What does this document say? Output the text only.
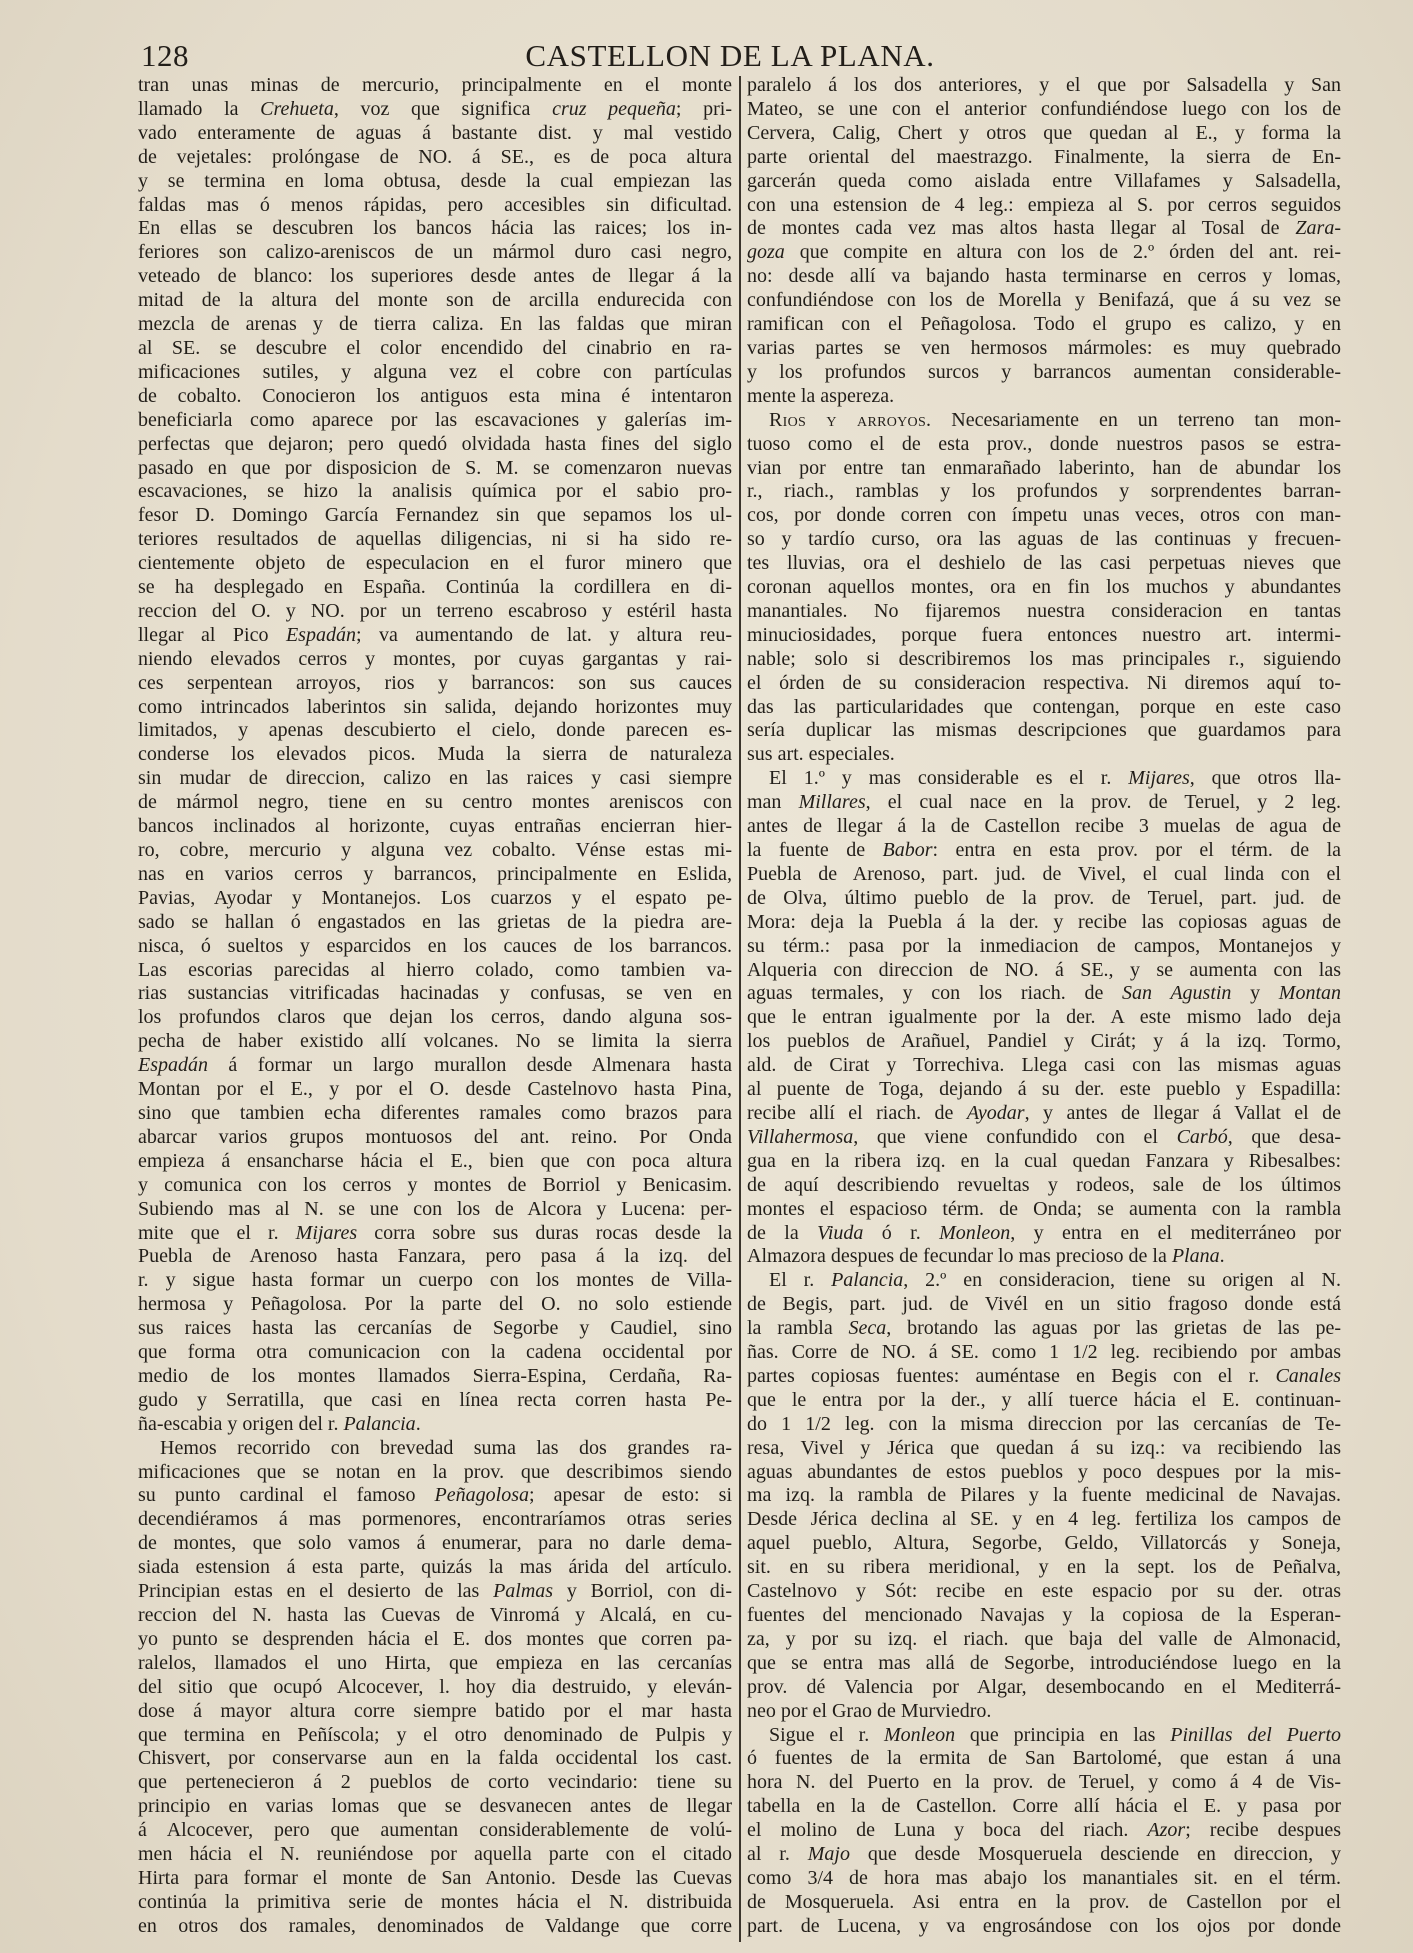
128	CASTELLON DE LA PLANA.
tran unas minas de mercurio, principalmente en el monte
llamado la Crehueta, voz que significa cruz pequeña; pri-
vado enteramente de aguas á bastante dist. y mal vestido
de vejetales: prolóngase de NO. á SE., es de poca altura
y se termina en loma obtusa, desde la cual empiezan las
faldas mas ó menos rápidas, pero accesibles sin dificultad.
En ellas se descubren los bancos hácia las raices; los in-
feriores son calizo-areniscos de un mármol duro casi negro,
veteado de blanco: los superiores desde antes de llegar á la
mitad de la altura del monte son de arcilla endurecida con
mezcla de arenas y de tierra caliza. En las faldas que miran
al SE. se descubre el color encendido del cinabrio en ra-
mificaciones sutiles, y alguna vez el cobre con partículas
de cobalto. Conocieron los antiguos esta mina é intentaron
beneficiarla como aparece por las escavaciones y galerías im-
perfectas que dejaron; pero quedó olvidada hasta fines del siglo
pasado en que por disposicion de S. M. se comenzaron nuevas
escavaciones, se hizo la analisis química por el sabio pro-
fesor D. Domingo García Fernandez sin que sepamos los ul-
teriores resultados de aquellas diligencias, ni si ha sido re-
cientemente objeto de especulacion en el furor minero que
se ha desplegado en España. Continúa la cordillera en di-
reccion del O. y NO. por un terreno escabroso y estéril hasta
llegar al Pico Espadán; va aumentando de lat. y altura reu-
niendo elevados cerros y montes, por cuyas gargantas y rai-
ces serpentean arroyos, rios y barrancos: son sus cauces
como intrincados laberintos sin salida, dejando horizontes muy
limitados, y apenas descubierto el cielo, donde parecen es-
conderse los elevados picos. Muda la sierra de naturaleza
sin mudar de direccion, calizo en las raices y casi siempre
de mármol negro, tiene en su centro montes areniscos con
bancos inclinados al horizonte, cuyas entrañas encierran hier-
ro, cobre, mercurio y alguna vez cobalto. Vénse estas mi-
nas en varios cerros y barrancos, principalmente en Eslida,
Pavias, Ayodar y Montanejos. Los cuarzos y el espato pe-
sado se hallan ó engastados en las grietas de la piedra are-
nisca, ó sueltos y esparcidos en los cauces de los barrancos.
Las escorias parecidas al hierro colado, como tambien va-
rias sustancias vitrificadas hacinadas y confusas, se ven en
los profundos claros que dejan los cerros, dando alguna sos-
pecha de haber existido allí volcanes. No se limita la sierra
Espadán á formar un largo murallon desde Almenara hasta
Montan por el E., y por el O. desde Castelnovo hasta Pina,
sino que tambien echa diferentes ramales como brazos para
abarcar varios grupos montuosos del ant. reino. Por Onda
empieza á ensancharse hácia el E., bien que con poca altura
y comunica con los cerros y montes de Borriol y Benicasim.
Subiendo mas al N. se une con los de Alcora y Lucena: per-
mite que el r. Mijares corra sobre sus duras rocas desde la
Puebla de Arenoso hasta Fanzara, pero pasa á la izq. del
r. y sigue hasta formar un cuerpo con los montes de Villa-
hermosa y Peñagolosa. Por la parte del O. no solo estiende
sus raices hasta las cercanías de Segorbe y Caudiel, sino
que forma otra comunicacion con la cadena occidental por
medio de los montes llamados Sierra-Espina, Cerdaña, Ra-
gudo y Serratilla, que casi en línea recta corren hasta Pe-
ña-escabia y origen del r. Palancia.
Hemos recorrido con brevedad suma las dos grandes ra-
mificaciones que se notan en la prov. que describimos siendo
su punto cardinal el famoso Peñagolosa; apesar de esto: si
decendiéramos á mas pormenores, encontraríamos otras series
de montes, que solo vamos á enumerar, para no darle dema-
siada estension á esta parte, quizás la mas árida del artículo.
Principian estas en el desierto de las Palmas y Borriol, con di-
reccion del N. hasta las Cuevas de Vinromá y Alcalá, en cu-
yo punto se desprenden hácia el E. dos montes que corren pa-
ralelos, llamados el uno Hirta, que empieza en las cercanías
del sitio que ocupó Alcocever, l. hoy dia destruido, y eleván-
dose á mayor altura corre siempre batido por el mar hasta
que termina en Peñíscola; y el otro denominado de Pulpis y
Chisvert, por conservarse aun en la falda occidental los cast.
que pertenecieron á 2 pueblos de corto vecindario: tiene su
principio en varias lomas que se desvanecen antes de llegar
á Alcocever, pero que aumentan considerablemente de volú-
men hácia el N. reuniéndose por aquella parte con el citado
Hirta para formar el monte de San Antonio. Desde las Cuevas
continúa la primitiva serie de montes hácia el N. distribuida
en otros dos ramales, denominados de Valdange que corre
paralelo á los dos anteriores, y el que por Salsadella y San
Mateo, se une con el anterior confundiéndose luego con los de
Cervera, Calig, Chert y otros que quedan al E., y forma la
parte oriental del maestrazgo. Finalmente, la sierra de En-
garcerán queda como aislada entre Villafames y Salsadella,
con una estension de 4 leg.: empieza al S. por cerros seguidos
de montes cada vez mas altos hasta llegar al Tosal de Zara-
goza que compite en altura con los de 2.º órden del ant. rei-
no: desde allí va bajando hasta terminarse en cerros y lomas,
confundiéndose con los de Morella y Benifazá, que á su vez se
ramifican con el Peñagolosa. Todo el grupo es calizo, y en
varias partes se ven hermosos mármoles: es muy quebrado
y los profundos surcos y barrancos aumentan considerable-
mente la aspereza.
Rios y arroyos. Necesariamente en un terreno tan mon-
tuoso como el de esta prov., donde nuestros pasos se estra-
vian por entre tan enmarañado laberinto, han de abundar los
r., riach., ramblas y los profundos y sorprendentes barran-
cos, por donde corren con ímpetu unas veces, otros con man-
so y tardío curso, ora las aguas de las continuas y frecuen-
tes lluvias, ora el deshielo de las casi perpetuas nieves que
coronan aquellos montes, ora en fin los muchos y abundantes
manantiales. No fijaremos nuestra consideracion en tantas
minuciosidades, porque fuera entonces nuestro art. intermi-
nable; solo si describiremos los mas principales r., siguiendo
el órden de su consideracion respectiva. Ni diremos aquí to-
das las particularidades que contengan, porque en este caso
sería duplicar las mismas descripciones que guardamos para
sus art. especiales.
El 1.º y mas considerable es el r. Mijares, que otros lla-
man Millares, el cual nace en la prov. de Teruel, y 2 leg.
antes de llegar á la de Castellon recibe 3 muelas de agua de
la fuente de Babor: entra en esta prov. por el térm. de la
Puebla de Arenoso, part. jud. de Vivel, el cual linda con el
de Olva, último pueblo de la prov. de Teruel, part. jud. de
Mora: deja la Puebla á la der. y recibe las copiosas aguas de
su térm.: pasa por la inmediacion de campos, Montanejos y
Alqueria con direccion de NO. á SE., y se aumenta con las
aguas termales, y con los riach. de San Agustin y Montan
que le entran igualmente por la der. A este mismo lado deja
los pueblos de Arañuel, Pandiel y Cirát; y á la izq. Tormo,
ald. de Cirat y Torrechiva. Llega casi con las mismas aguas
al puente de Toga, dejando á su der. este pueblo y Espadilla:
recibe allí el riach. de Ayodar, y antes de llegar á Vallat el de
Villahermosa, que viene confundido con el Carbó, que desa-
gua en la ribera izq. en la cual quedan Fanzara y Ribesalbes:
de aquí describiendo revueltas y rodeos, sale de los últimos
montes el espacioso térm. de Onda; se aumenta con la rambla
de la Viuda ó r. Monleon, y entra en el mediterráneo por
Almazora despues de fecundar lo mas precioso de la Plana.
El r. Palancia, 2.º en consideracion, tiene su origen al N.
de Begis, part. jud. de Vivél en un sitio fragoso donde está
la rambla Seca, brotando las aguas por las grietas de las pe-
ñas. Corre de NO. á SE. como 1 1/2 leg. recibiendo por ambas
partes copiosas fuentes: auméntase en Begis con el r. Canales
que le entra por la der., y allí tuerce hácia el E. continuan-
do 1 1/2 leg. con la misma direccion por las cercanías de Te-
resa, Vivel y Jérica que quedan á su izq.: va recibiendo las
aguas abundantes de estos pueblos y poco despues por la mis-
ma izq. la rambla de Pilares y la fuente medicinal de Navajas.
Desde Jérica declina al SE. y en 4 leg. fertiliza los campos de
aquel pueblo, Altura, Segorbe, Geldo, Villatorcás y Soneja,
sit. en su ribera meridional, y en la sept. los de Peñalva,
Castelnovo y Sót: recibe en este espacio por su der. otras
fuentes del mencionado Navajas y la copiosa de la Esperan-
za, y por su izq. el riach. que baja del valle de Almonacid,
que se entra mas allá de Segorbe, introduciéndose luego en la
prov. dé Valencia por Algar, desembocando en el Mediterrá-
neo por el Grao de Murviedro.
Sigue el r. Monleon que principia en las Pinillas del Puerto
ó fuentes de la ermita de San Bartolomé, que estan á una
hora N. del Puerto en la prov. de Teruel, y como á 4 de Vis-
tabella en la de Castellon. Corre allí hácia el E. y pasa por
el molino de Luna y boca del riach. Azor; recibe despues
al r. Majo que desde Mosqueruela desciende en direccion, y
como 3/4 de hora mas abajo los manantiales sit. en el térm.
de Mosqueruela. Asi entra en la prov. de Castellon por el
part. de Lucena, y va engrosándose con los ojos por donde
